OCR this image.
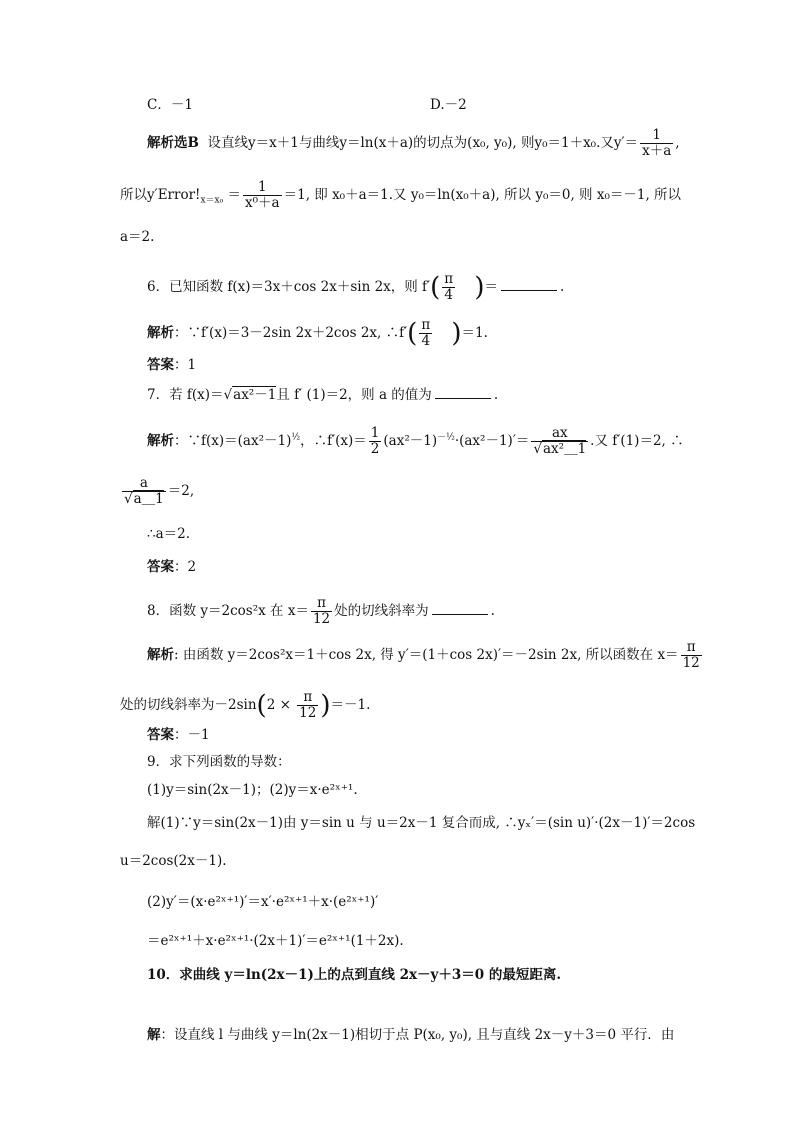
C．－1	D.－2
解析选B 设直线y＝x＋1与曲线y＝ln(x＋a)的切点为(x₀, y₀), 则y₀＝1＋x₀.又$y'= \frac{1}{x+a}$ ,
所以$y'Error!_{x=x_0} = \frac{1}{\text{x⁰＋a}} =1$, 即 x₀＋a＝1.又 y₀＝ln(x₀＋a), 所以 y₀＝0, 则 x₀＝－1, 所以
a＝2.
6．已知函数 f(x)＝3x＋cos 2x＋sin 2x，则 $f'( \frac{\pi}{4}$ )＝	.
解析：∵f′(x)＝3－2sin 2x＋2cos 2x, ∴f′( $\frac{\pi}{4} )=1$.
答案：1
7．若 f(x)＝√ax²－1且 f′ (1)＝2，则 a 的值为	.
解析：$\because f(x)=(ax^2-1)^{\frac{1}{2}}$，∴f′(x)＝ $\frac{1}{2} (ax^2-1)^{-\frac{1}{2}}\cdot(ax^2-1)'= \frac{ax}{\text{√ax²＿1}}$ .又 f′(1)＝2, ∴
$\frac{a}{√a\_1} =2$,
∴a＝2.
答案：2
8．函数 y＝2cos²x 在 $x= \frac{\pi}{12}$ 处的切线斜率为	.
解析: 由函数 y＝2cos²x＝1＋cos 2x, 得 y′＝(1＋cos 2x)′＝－2sin 2x, 所以函数在 $x= \frac{\pi}{12}$
处的切线斜率为$-2\sin(2 \times \frac{\pi}{12} )=-1$.
答案：－1
9．求下列函数的导数：
(1)y＝sin(2x－1)；(2)y＝x·e²ˣ⁺¹.
解(1)∵y＝sin(2x－1)由 y＝sin u 与 u＝2x－1 复合而成, ∴yₓ′＝(sin u)′·(2x－1)′＝2cos
u＝2cos(2x－1).
(2)y′＝(x·e²ˣ⁺¹)′＝x′·e²ˣ⁺¹＋x·(e²ˣ⁺¹)′
＝e²ˣ⁺¹＋x·e²ˣ⁺¹·(2x＋1)′＝e²ˣ⁺¹(1＋2x).
10．求曲线 y＝ln(2x－1)上的点到直线 2x－y＋3＝0 的最短距离.
解：设直线 l 与曲线 y＝ln(2x－1)相切于点 P(x₀, y₀), 且与直线 2x－y＋3＝0 平行．由
